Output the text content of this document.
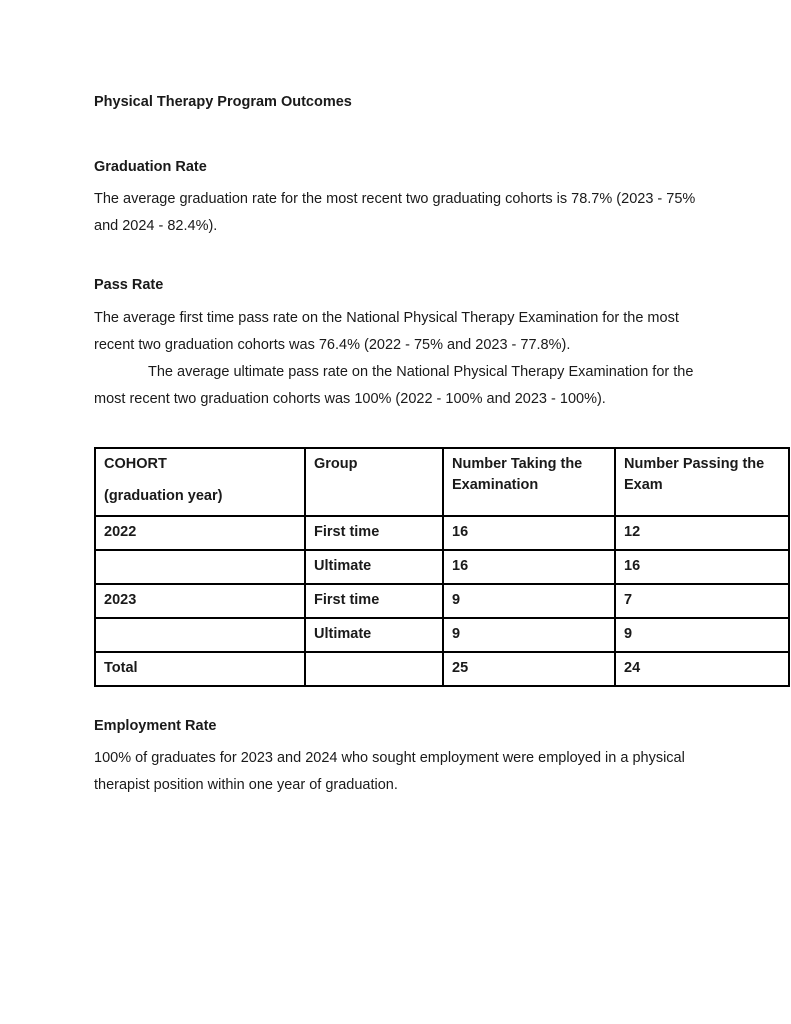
Physical Therapy Program Outcomes
Graduation Rate

The average graduation rate for the most recent two graduating cohorts is 78.7% (2023 - 75% and 2024 - 82.4%).

Pass Rate

The average first time pass rate on the National Physical Therapy Examination for the most recent two graduation cohorts was 76.4% (2022 - 75% and 2023 - 77.8%).

The average ultimate pass rate on the National Physical Therapy Examination for the most recent two graduation cohorts was 100% (2022 - 100% and 2023 - 100%).

COHORT
(graduation year)	Group	Number Taking the Examination	Number Passing the Exam
2022	First time	16	12
	Ultimate	16	16
2023	First time	9	7
	Ultimate	9	9
Total		25	24
Employment Rate

100% of graduates for 2023 and 2024 who sought employment were employed in a physical therapist position within one year of graduation.
